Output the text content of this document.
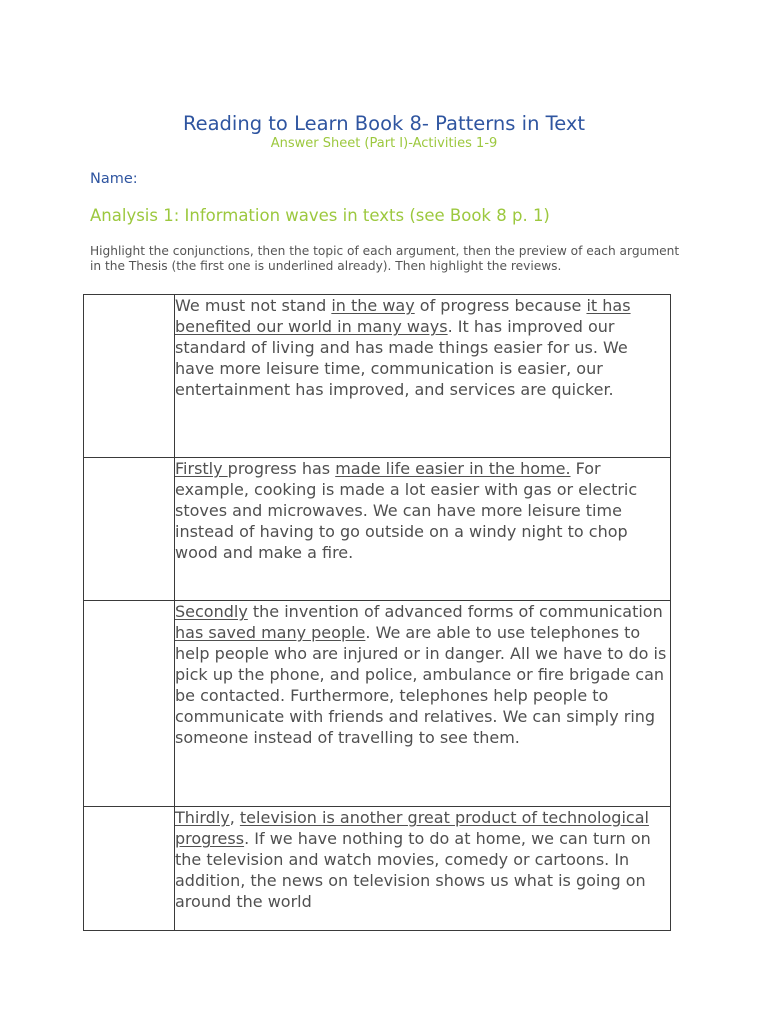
Reading to Learn Book 8- Patterns in Text
Answer Sheet (Part I)-Activities 1-9
Name:
Analysis 1: Information waves in texts (see Book 8 p. 1)
Highlight the conjunctions, then the topic of each argument, then the preview of each argument in the Thesis (the first one is underlined already). Then highlight the reviews.

	We must not stand in the way of progress because it has benefited our world in many ways. It has improved our standard of living and has made things easier for us. We have more leisure time, communication is easier, our entertainment has improved, and services are quicker.

	Firstly progress has made life easier in the home. For example, cooking is made a lot easier with gas or electric stoves and microwaves. We can have more leisure time instead of having to go outside on a windy night to chop wood and make a fire.

	Secondly the invention of advanced forms of communication has saved many people. We are able to use telephones to help people who are injured or in danger. All we have to do is pick up the phone, and police, ambulance or fire brigade can be contacted. Furthermore, telephones help people to communicate with friends and relatives. We can simply ring someone instead of travelling to see them.

	Thirdly, television is another great product of technological progress. If we have nothing to do at home, we can turn on the television and watch movies, comedy or cartoons. In addition, the news on television shows us what is going on around the world
